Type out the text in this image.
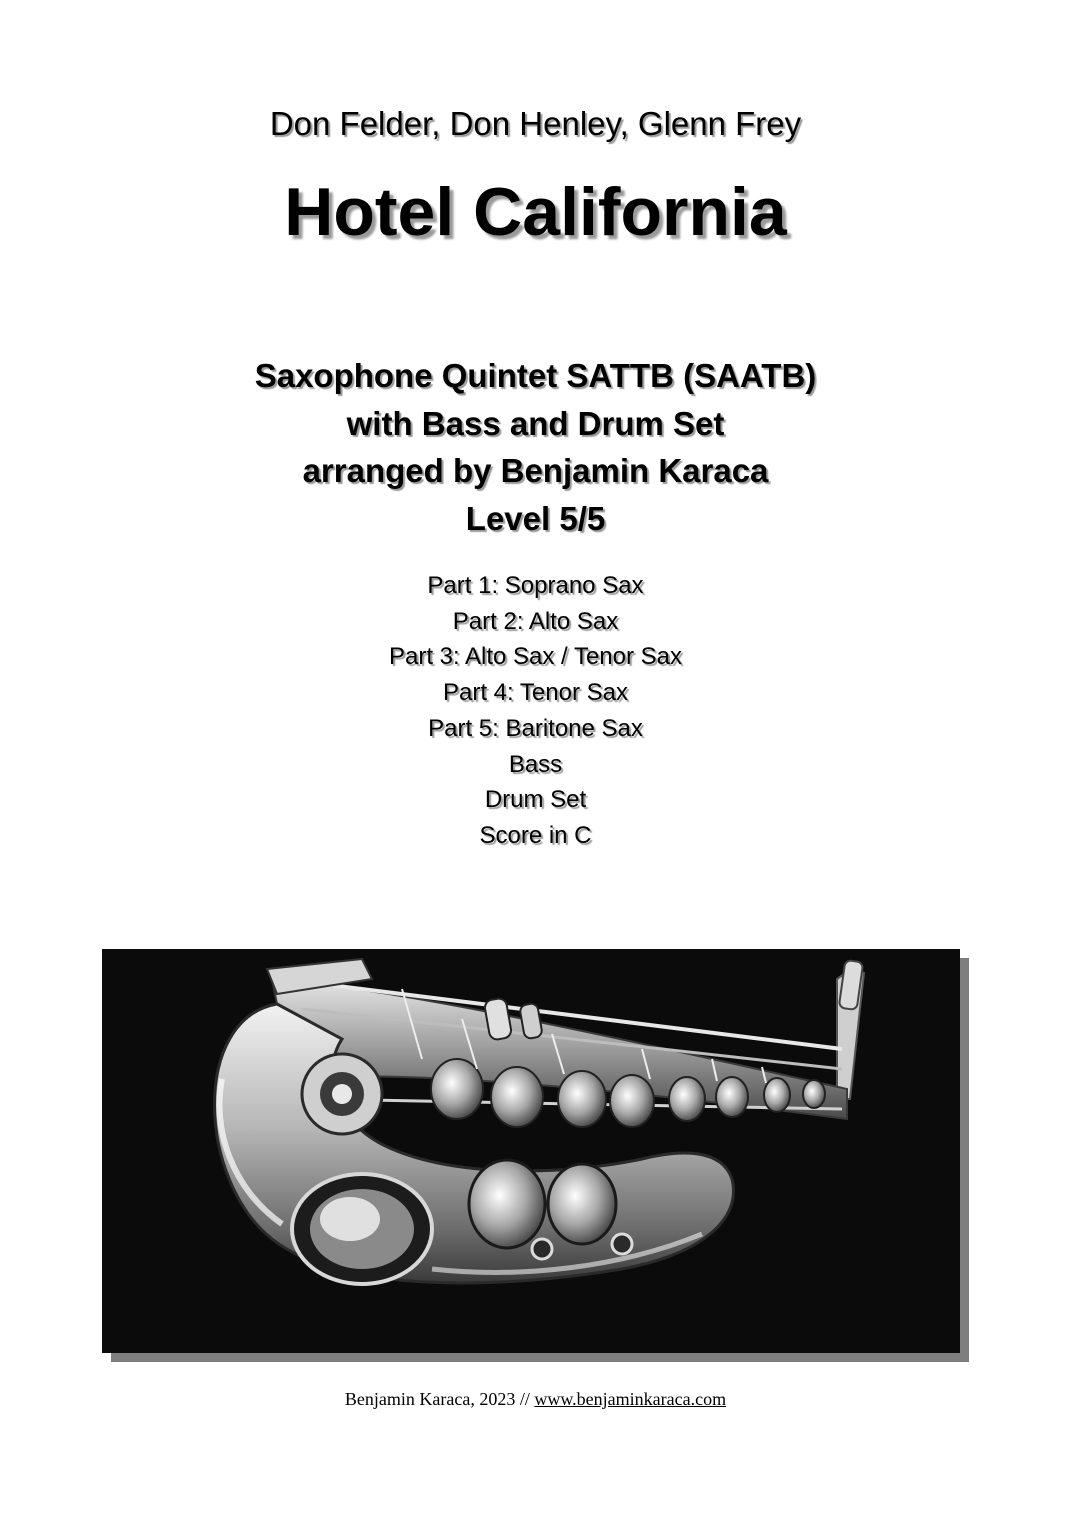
Don Felder, Don Henley, Glenn Frey
Hotel California
Saxophone Quintet SATTB (SAATB)
with Bass and Drum Set
arranged by Benjamin Karaca
Level 5/5
Part 1: Soprano Sax
Part 2: Alto Sax
Part 3: Alto Sax / Tenor Sax
Part 4: Tenor Sax
Part 5: Baritone Sax
Bass
Drum Set
Score in C
Benjamin Karaca, 2023 // www.benjaminkaraca.com
